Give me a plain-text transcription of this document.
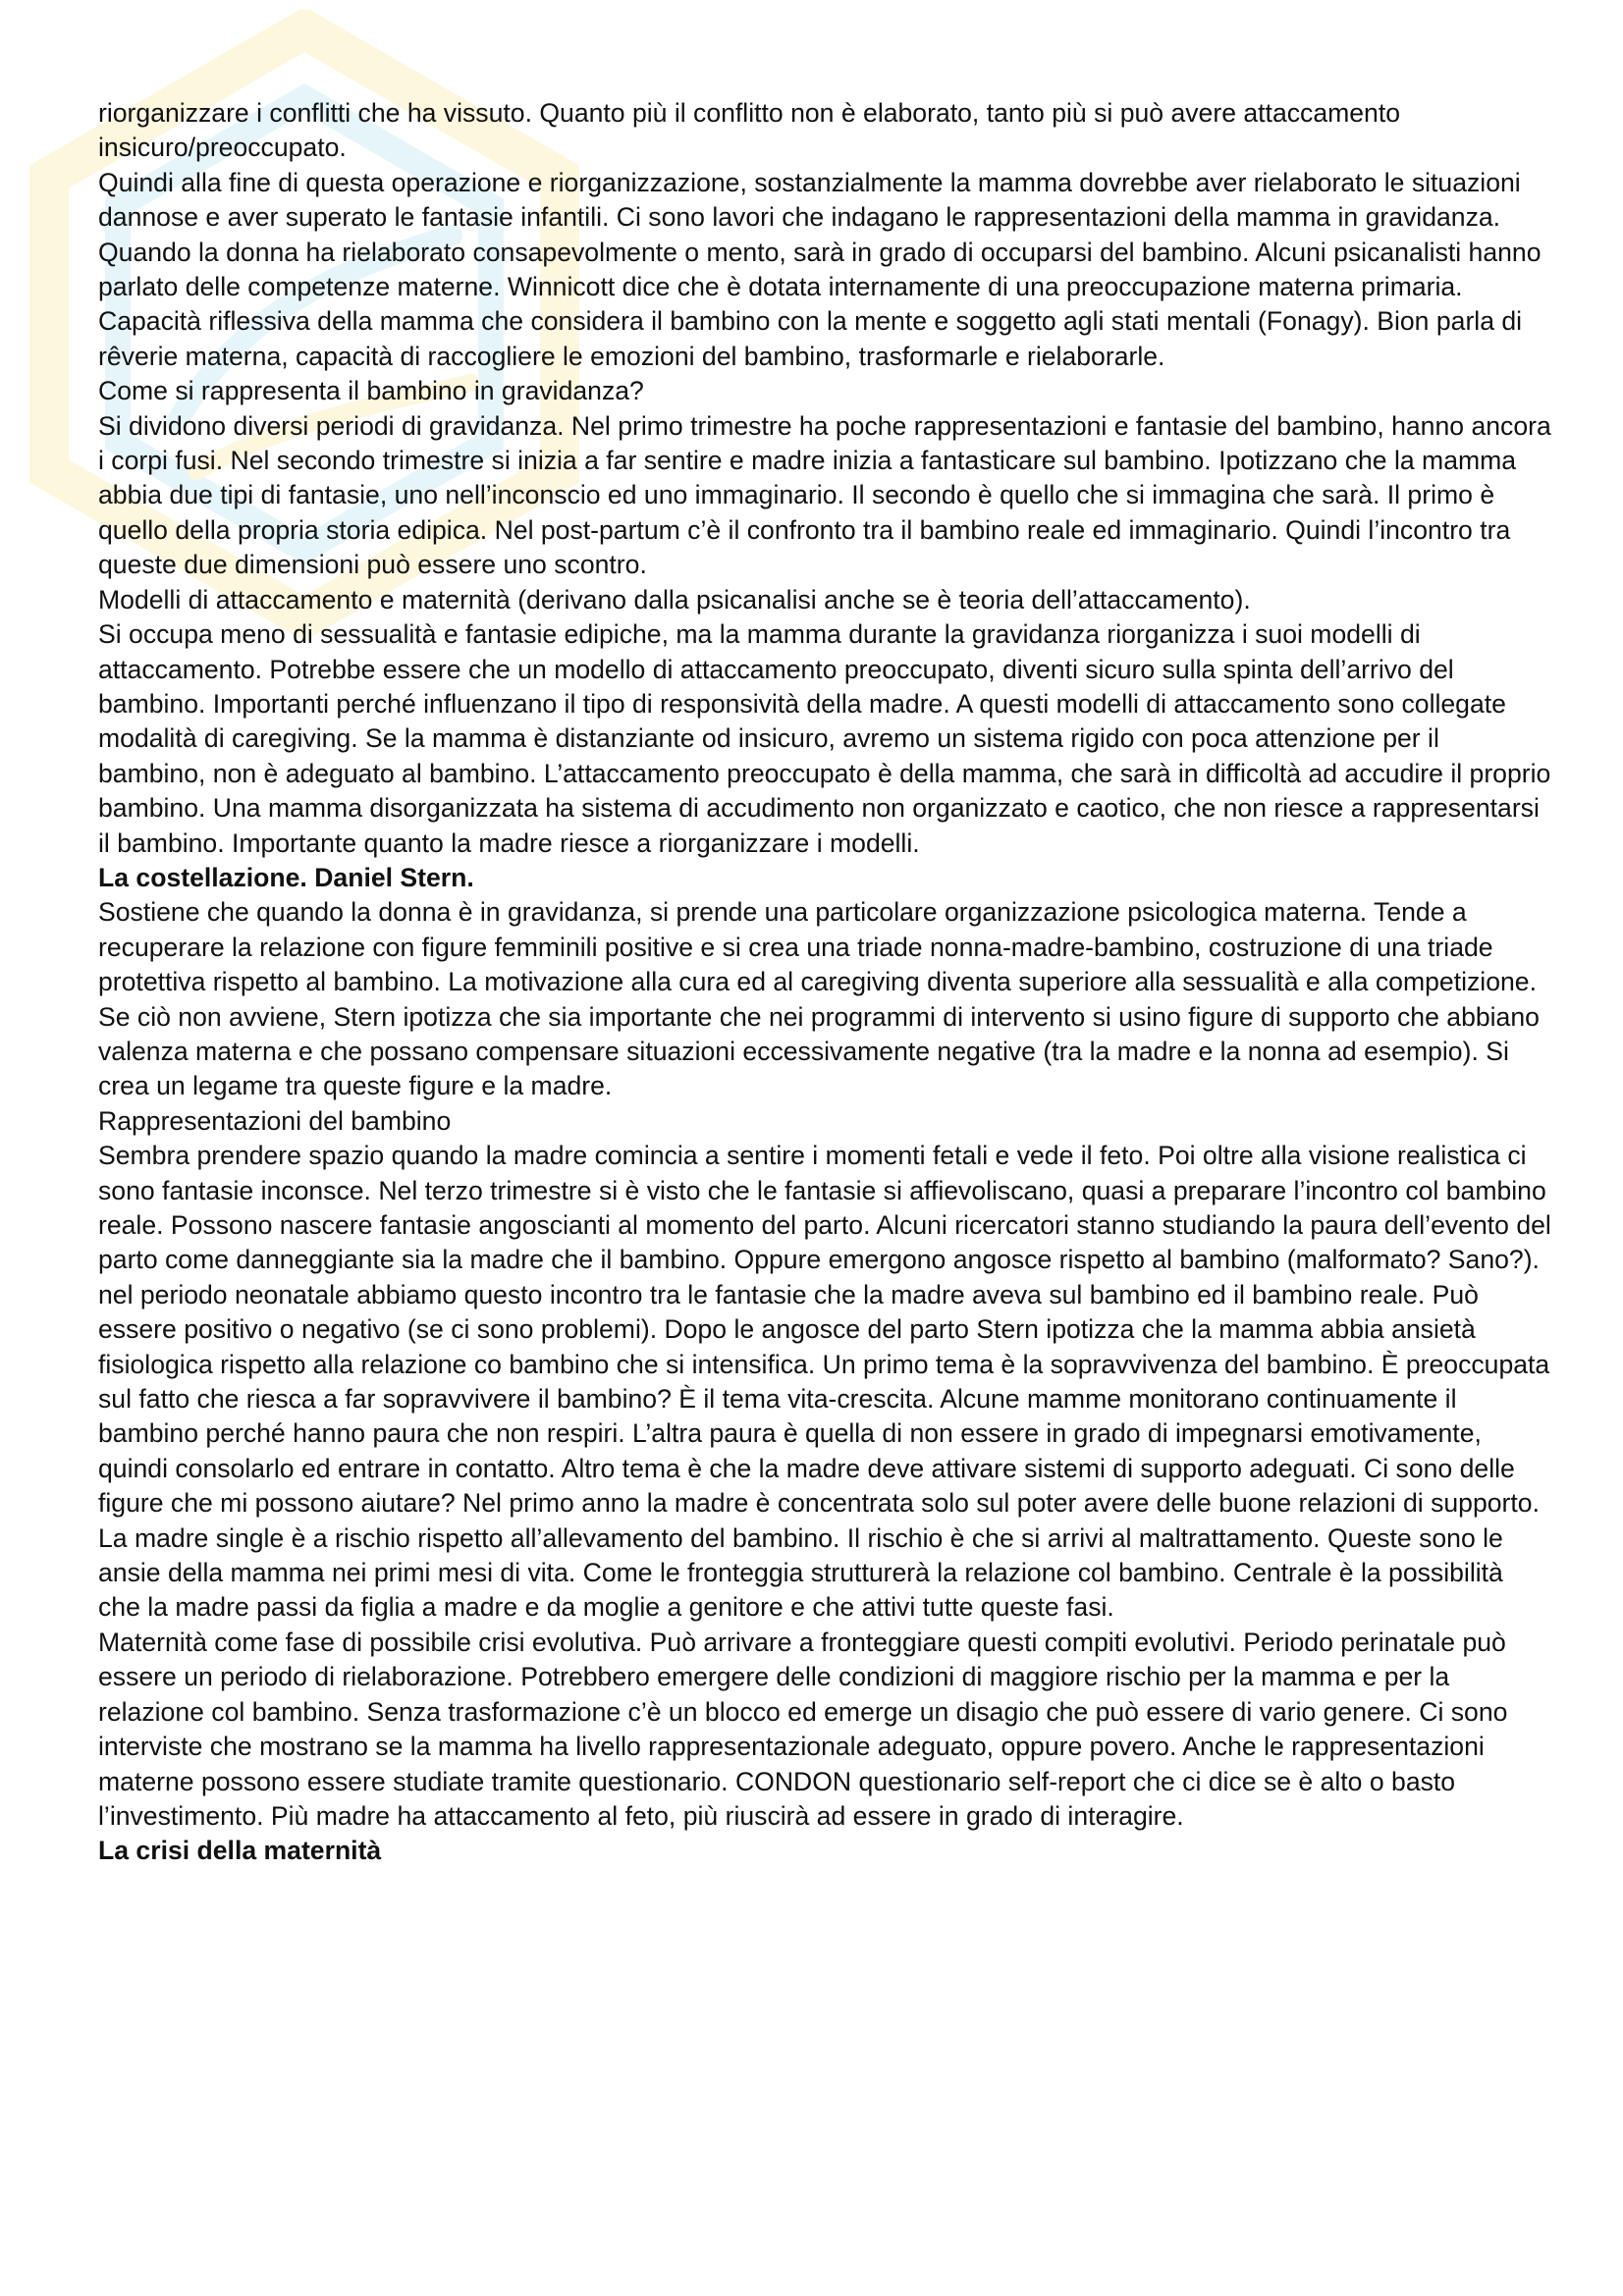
riorganizzare i conflitti che ha vissuto. Quanto più il conflitto non è elaborato, tanto più si può avere attaccamento insicuro/preoccupato.

Quindi alla fine di questa operazione e riorganizzazione, sostanzialmente la mamma dovrebbe aver rielaborato le situazioni dannose e aver superato le fantasie infantili. Ci sono lavori che indagano le rappresentazioni della mamma in gravidanza. Quando la donna ha rielaborato consapevolmente o mento, sarà in grado di occuparsi del bambino. Alcuni psicanalisti hanno parlato delle competenze materne. Winnicott dice che è dotata internamente di una preoccupazione materna primaria. Capacità riflessiva della mamma che considera il bambino con la mente e soggetto agli stati mentali (Fonagy). Bion parla di rêverie materna, capacità di raccogliere le emozioni del bambino, trasformarle e rielaborarle.

Come si rappresenta il bambino in gravidanza?

Si dividono diversi periodi di gravidanza. Nel primo trimestre ha poche rappresentazioni e fantasie del bambino, hanno ancora i corpi fusi. Nel secondo trimestre si inizia a far sentire e madre inizia a fantasticare sul bambino. Ipotizzano che la mamma abbia due tipi di fantasie, uno nell’inconscio ed uno immaginario. Il secondo è quello che si immagina che sarà. Il primo è quello della propria storia edipica. Nel post-partum c’è il confronto tra il bambino reale ed immaginario. Quindi l’incontro tra queste due dimensioni può essere uno scontro.

Modelli di attaccamento e maternità (derivano dalla psicanalisi anche se è teoria dell’attaccamento).

Si occupa meno di sessualità e fantasie edipiche, ma la mamma durante la gravidanza riorganizza i suoi modelli di attaccamento. Potrebbe essere che un modello di attaccamento preoccupato, diventi sicuro sulla spinta dell’arrivo del bambino. Importanti perché influenzano il tipo di responsività della madre. A questi modelli di attaccamento sono collegate modalità di caregiving. Se la mamma è distanziante od insicuro, avremo un sistema rigido con poca attenzione per il bambino, non è adeguato al bambino. L’attaccamento preoccupato è della mamma, che sarà in difficoltà ad accudire il proprio bambino. Una mamma disorganizzata ha sistema di accudimento non organizzato e caotico, che non riesce a rappresentarsi il bambino. Importante quanto la madre riesce a riorganizzare i modelli.

La costellazione. Daniel Stern.

Sostiene che quando la donna è in gravidanza, si prende una particolare organizzazione psicologica materna. Tende a recuperare la relazione con figure femminili positive e si crea una triade nonna-madre-bambino, costruzione di una triade protettiva rispetto al bambino. La motivazione alla cura ed al caregiving diventa superiore alla sessualità e alla competizione. Se ciò non avviene, Stern ipotizza che sia importante che nei programmi di intervento si usino figure di supporto che abbiano valenza materna e che possano compensare situazioni eccessivamente negative (tra la madre e la nonna ad esempio). Si crea un legame tra queste figure e la madre.

Rappresentazioni del bambino

Sembra prendere spazio quando la madre comincia a sentire i momenti fetali e vede il feto. Poi oltre alla visione realistica ci sono fantasie inconsce. Nel terzo trimestre si è visto che le fantasie si affievoliscano, quasi a preparare l’incontro col bambino reale. Possono nascere fantasie angoscianti al momento del parto. Alcuni ricercatori stanno studiando la paura dell’evento del parto come danneggiante sia la madre che il bambino. Oppure emergono angosce rispetto al bambino (malformato? Sano?). nel periodo neonatale abbiamo questo incontro tra le fantasie che la madre aveva sul bambino ed il bambino reale. Può essere positivo o negativo (se ci sono problemi). Dopo le angosce del parto Stern ipotizza che la mamma abbia ansietà fisiologica rispetto alla relazione co bambino che si intensifica. Un primo tema è la sopravvivenza del bambino. È preoccupata sul fatto che riesca a far sopravvivere il bambino? È il tema vita-crescita. Alcune mamme monitorano continuamente il bambino perché hanno paura che non respiri. L’altra paura è quella di non essere in grado di impegnarsi emotivamente, quindi consolarlo ed entrare in contatto. Altro tema è che la madre deve attivare sistemi di supporto adeguati. Ci sono delle figure che mi possono aiutare? Nel primo anno la madre è concentrata solo sul poter avere delle buone relazioni di supporto. La madre single è a rischio rispetto all’allevamento del bambino. Il rischio è che si arrivi al maltrattamento. Queste sono le ansie della mamma nei primi mesi di vita. Come le fronteggia strutturerà la relazione col bambino. Centrale è la possibilità che la madre passi da figlia a madre e da moglie a genitore e che attivi tutte queste fasi.

Maternità come fase di possibile crisi evolutiva. Può arrivare a fronteggiare questi compiti evolutivi. Periodo perinatale può essere un periodo di rielaborazione. Potrebbero emergere delle condizioni di maggiore rischio per la mamma e per la relazione col bambino. Senza trasformazione c’è un blocco ed emerge un disagio che può essere di vario genere. Ci sono interviste che mostrano se la mamma ha livello rappresentazionale adeguato, oppure povero. Anche le rappresentazioni materne possono essere studiate tramite questionario. CONDON questionario self-report che ci dice se è alto o basto l’investimento. Più madre ha attaccamento al feto, più riuscirà ad essere in grado di interagire.

La crisi della maternità
